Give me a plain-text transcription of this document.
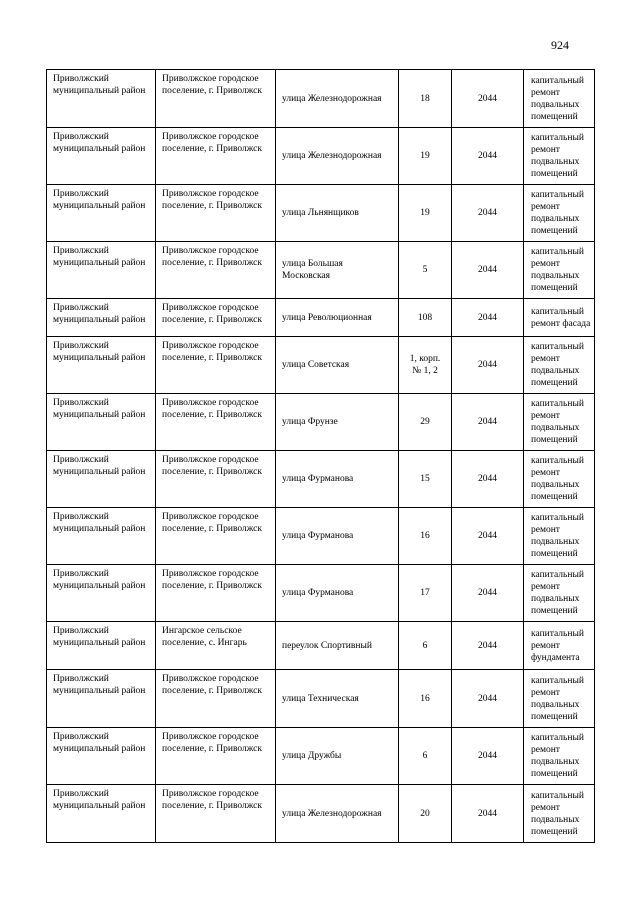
924
Приволжский муниципальный район	Приволжское городское поселение, г. Приволжск	улица Железнодорожная	18	2044	капитальный ремонт подвальных помещений
Приволжский муниципальный район	Приволжское городское поселение, г. Приволжск	улица Железнодорожная	19	2044	капитальный ремонт подвальных помещений
Приволжский муниципальный район	Приволжское городское поселение, г. Приволжск	улица Льнянщиков	19	2044	капитальный ремонт подвальных помещений
Приволжский муниципальный район	Приволжское городское поселение, г. Приволжск	улица Большая Московская	5	2044	капитальный ремонт подвальных помещений
Приволжский муниципальный район	Приволжское городское поселение, г. Приволжск	улица Революционная	108	2044	капитальный ремонт фасада
Приволжский муниципальный район	Приволжское городское поселение, г. Приволжск	улица Советская	1, корп. № 1, 2	2044	капитальный ремонт подвальных помещений
Приволжский муниципальный район	Приволжское городское поселение, г. Приволжск	улица Фрунзе	29	2044	капитальный ремонт подвальных помещений
Приволжский муниципальный район	Приволжское городское поселение, г. Приволжск	улица Фурманова	15	2044	капитальный ремонт подвальных помещений
Приволжский муниципальный район	Приволжское городское поселение, г. Приволжск	улица Фурманова	16	2044	капитальный ремонт подвальных помещений
Приволжский муниципальный район	Приволжское городское поселение, г. Приволжск	улица Фурманова	17	2044	капитальный ремонт подвальных помещений
Приволжский муниципальный район	Ингарское сельское поселение, с. Ингарь	переулок Спортивный	6	2044	капитальный ремонт фундамента
Приволжский муниципальный район	Приволжское городское поселение, г. Приволжск	улица Техническая	16	2044	капитальный ремонт подвальных помещений
Приволжский муниципальный район	Приволжское городское поселение, г. Приволжск	улица Дружбы	6	2044	капитальный ремонт подвальных помещений
Приволжский муниципальный район	Приволжское городское поселение, г. Приволжск	улица Железнодорожная	20	2044	капитальный ремонт подвальных помещений
